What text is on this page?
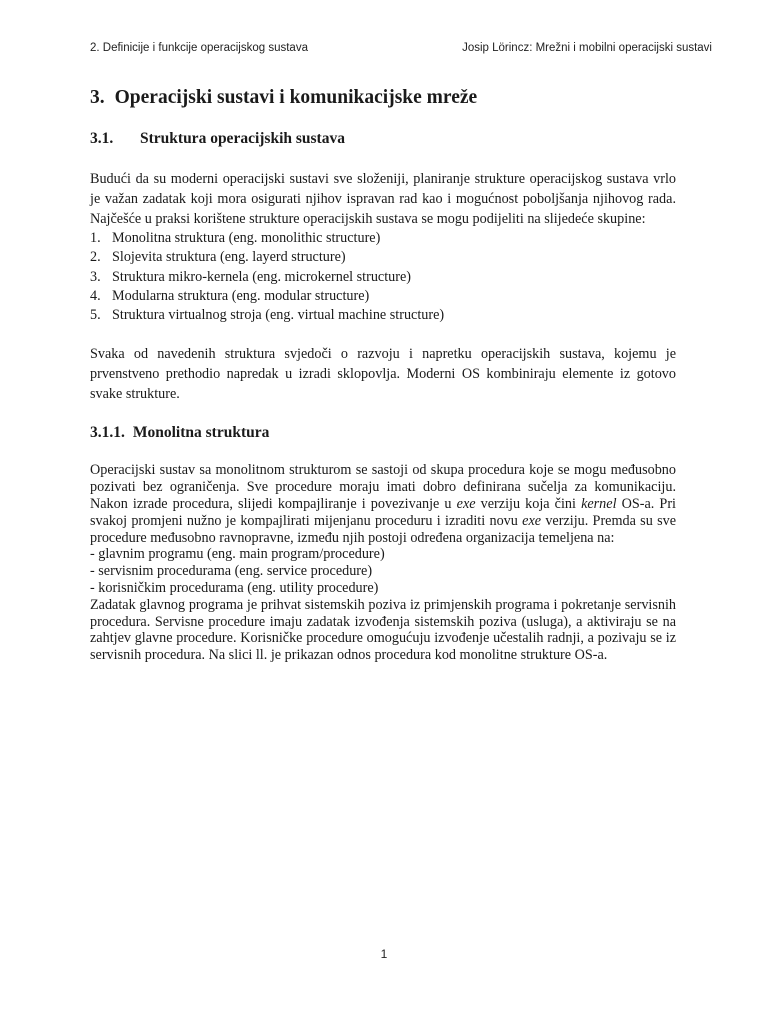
2. Definicije i funkcije operacijskog sustava	Josip Lörincz: Mrežni i mobilni operacijski sustavi
3. Operacijski sustavi i komunikacijske mreže
3.1.	Struktura operacijskih sustava

Budući da su moderni operacijski sustavi sve složeniji, planiranje strukture operacijskog sustava vrlo je važan zadatak koji mora osigurati njihov ispravan rad kao i mogućnost poboljšanja njihovog rada. Najčešće u praksi korištene strukture operacijskih sustava se mogu podijeliti na slijedeće skupine:

1. Monolitna struktura (eng. monolithic structure)
2. Slojevita struktura (eng. layerd structure)
3. Struktura mikro-kernela (eng. microkernel structure)
4. Modularna struktura (eng. modular structure)
5. Struktura virtualnog stroja (eng. virtual machine structure)

Svaka od navedenih struktura svjedoči o razvoju i napretku operacijskih sustava, kojemu je prvenstveno prethodio napredak u izradi sklopovlja. Moderni OS kombiniraju elemente iz gotovo svake strukture.

3.1.1. Monolitna struktura

Operacijski sustav sa monolitnom strukturom se sastoji od skupa procedura koje se mogu međusobno pozivati bez ograničenja. Sve procedure moraju imati dobro definirana sučelja za komunikaciju. Nakon izrade procedura, slijedi kompajliranje i povezivanje u exe verziju koja čini kernel OS-a. Pri svakoj promjeni nužno je kompajlirati mijenjanu proceduru i izraditi novu exe verziju. Premda su sve procedure međusobno ravnopravne, između njih postoji određena organizacija temeljena na:

- glavnim programu (eng. main program/procedure)
- servisnim procedurama (eng. service procedure)
- korisničkim procedurama (eng. utility procedure)

Zadatak glavnog programa je prihvat sistemskih poziva iz primjenskih programa i pokretanje servisnih procedura. Servisne procedure imaju zadatak izvođenja sistemskih poziva (usluga), a aktiviraju se na zahtjev glavne procedure. Korisničke procedure omogućuju izvođenje učestalih radnji, a pozivaju se iz servisnih procedura. Na slici ll. je prikazan odnos procedura kod monolitne strukture OS-a.

1
